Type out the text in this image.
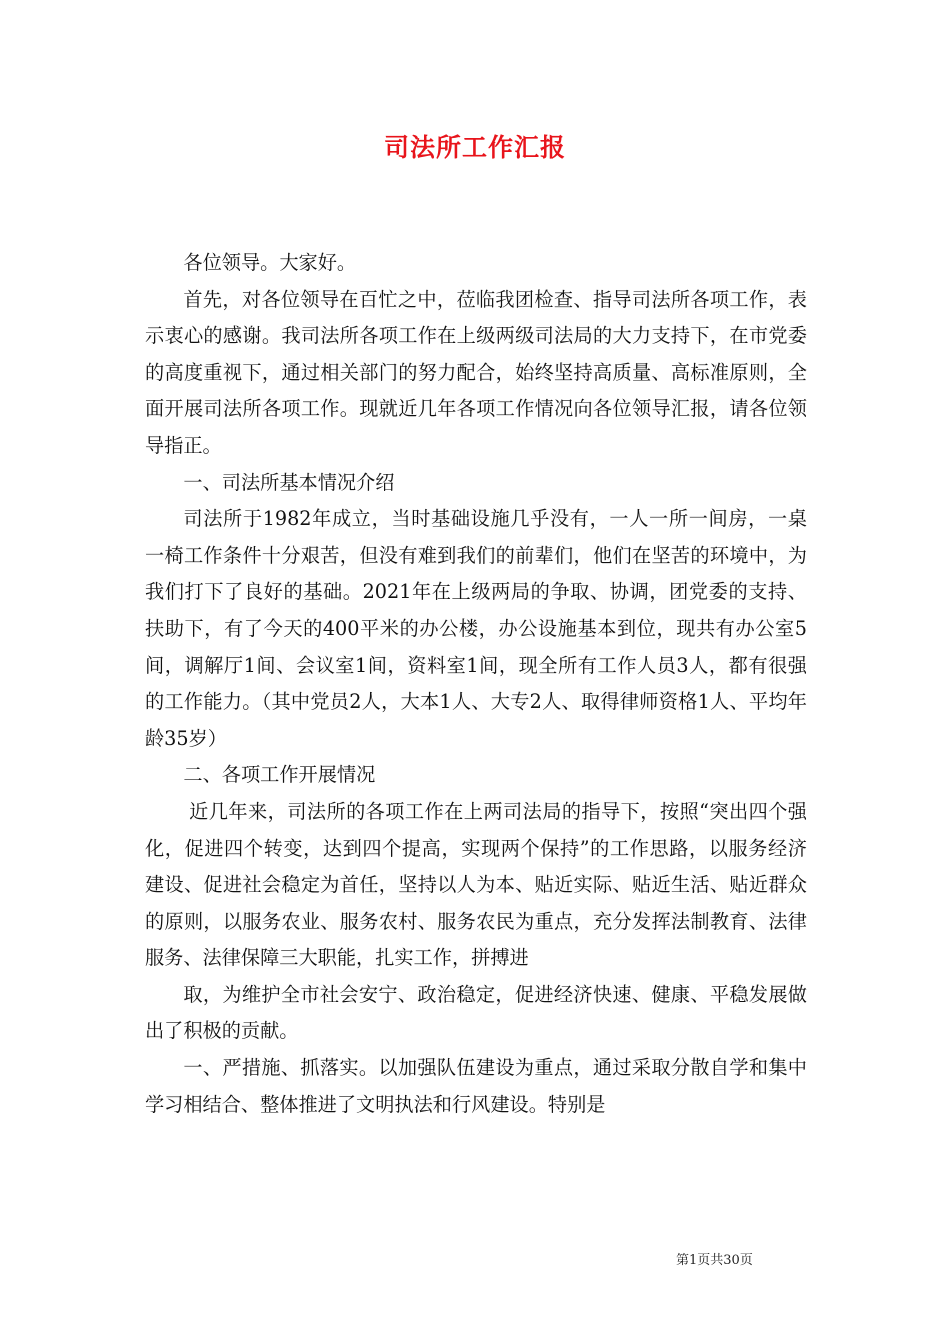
司法所工作汇报

各位领导。大家好。

首先，对各位领导在百忙之中，莅临我团检查、指导司法所各项工作，表示衷心的感谢。我司法所各项工作在上级两级司法局的大力支持下，在市党委的高度重视下，通过相关部门的努力配合，始终坚持高质量、高标准原则，全面开展司法所各项工作。现就近几年各项工作情况向各位领导汇报，请各位领导指正。

一、司法所基本情况介绍

司法所于1982年成立，当时基础设施几乎没有，一人一所一间房，一桌一椅工作条件十分艰苦，但没有难到我们的前辈们，他们在坚苦的环境中，为我们打下了良好的基础。2021年在上级两局的争取、协调，团党委的支持、扶助下，有了今天的400平米的办公楼，办公设施基本到位，现共有办公室5间，调解厅1间、会议室1间，资料室1间，现全所有工作人员3人，都有很强的工作能力。（其中党员2人，大本1人、大专2人、取得律师资格1人、平均年龄35岁）

二、各项工作开展情况

近几年来，司法所的各项工作在上两司法局的指导下，按照“突出四个强化，促进四个转变，达到四个提高，实现两个保持”的工作思路，以服务经济建设、促进社会稳定为首任，坚持以人为本、贴近实际、贴近生活、贴近群众的原则，以服务农业、服务农村、服务农民为重点，充分发挥法制教育、法律服务、法律保障三大职能，扎实工作，拼搏进

取，为维护全市社会安宁、政治稳定，促进经济快速、健康、平稳发展做出了积极的贡献。

一、严措施、抓落实。以加强队伍建设为重点，通过采取分散自学和集中学习相结合、整体推进了文明执法和行风建设。特别是

第1页共30页
